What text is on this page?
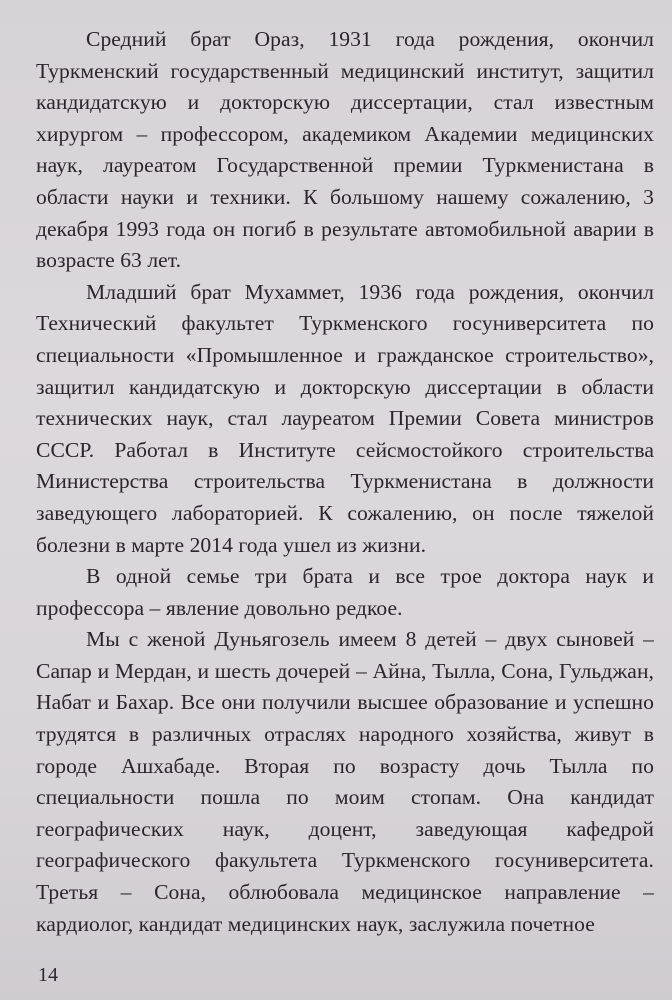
Средний брат Ораз, 1931 года рождения, окончил Туркменский государственный медицинский институт, защитил кандидатскую и докторскую диссертации, стал известным хирургом – профессором, академиком Академии медицинских наук, лауреатом Государственной премии Туркменистана в области науки и техники. К большому нашему сожалению, 3 декабря 1993 года он погиб в результате автомобильной аварии в возрасте 63 лет.

Младший брат Мухаммет, 1936 года рождения, окончил Технический факультет Туркменского госуниверситета по специальности «Промышленное и гражданское строительство», защитил кандидатскую и докторскую диссертации в области технических наук, стал лауреатом Премии Совета министров СССР. Работал в Институте сейсмостойкого строительства Министерства строительства Туркменистана в должности заведующего лабораторией. К сожалению, он после тяжелой болезни в марте 2014 года ушел из жизни.

В одной семье три брата и все трое доктора наук и профессора – явление довольно редкое.

Мы с женой Дуньягозель имеем 8 детей – двух сыновей – Сапар и Мердан, и шесть дочерей – Айна, Тылла, Сона, Гульджан, Набат и Бахар. Все они получили высшее образование и успешно трудятся в различных отраслях народного хозяйства, живут в городе Ашхабаде. Вторая по возрасту дочь Тылла по специальности пошла по моим стопам. Она кандидат географических наук, доцент, заведующая кафедрой географического факультета Туркменского госуниверситета. Третья – Сона, облюбовала медицинское направление – кардиолог, кандидат медицинских наук, заслужила почетное

14
